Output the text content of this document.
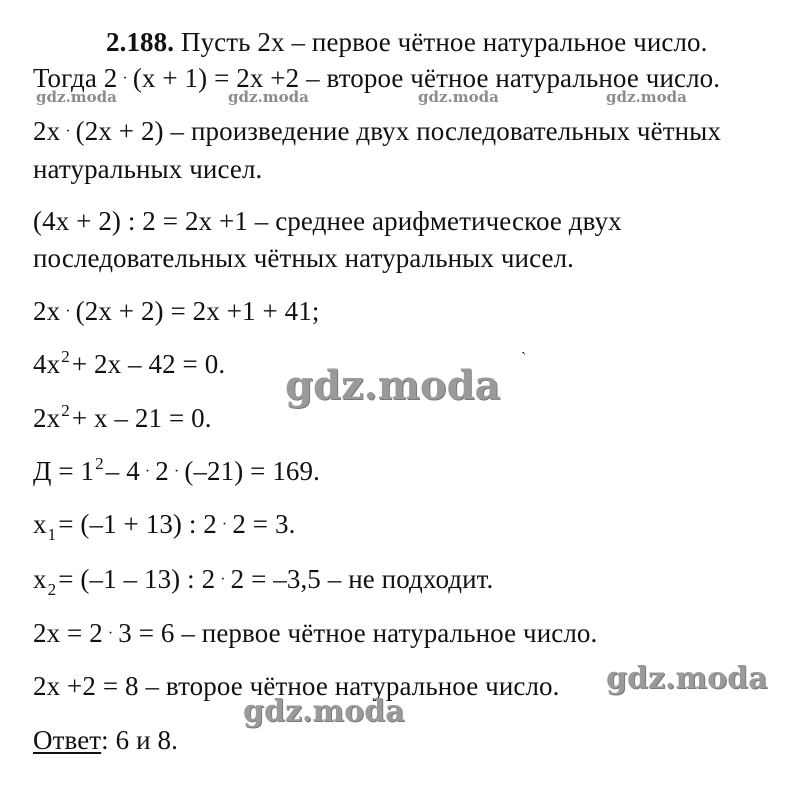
2.188. Пусть 2х – первое чётное натуральное число.
Тогда 2 · (х + 1) = 2х +2 – второе чётное натуральное число.
2х · (2х + 2) – произведение двух последовательных чётных
натуральных чисел.
(4х + 2) : 2 = 2х +1 – среднее арифметическое двух
последовательных чётных натуральных чисел.
2х · (2х + 2) = 2х +1 + 41;
$4х^2+ 2х - 42 = 0$.
$2х^2+ х - 21 = 0$.
$Д = 1^2-$ 4 · 2 · (–21) = 169.
$х_1= (-1 + 13)$ : 2 · 2 = 3.
$х_2= (-1 - 13)$ : 2 · 2 = –3,5 – не подходит.
2х = 2 · 3 = 6 – первое чётное натуральное число.
2х +2 = 8 – второе чётное натуральное число.
Ответ: 6 и 8.
`
gdz.moda	gdz.moda	gdz.moda	gdz.moda
gdz.moda
gdz.moda
gdz.moda
